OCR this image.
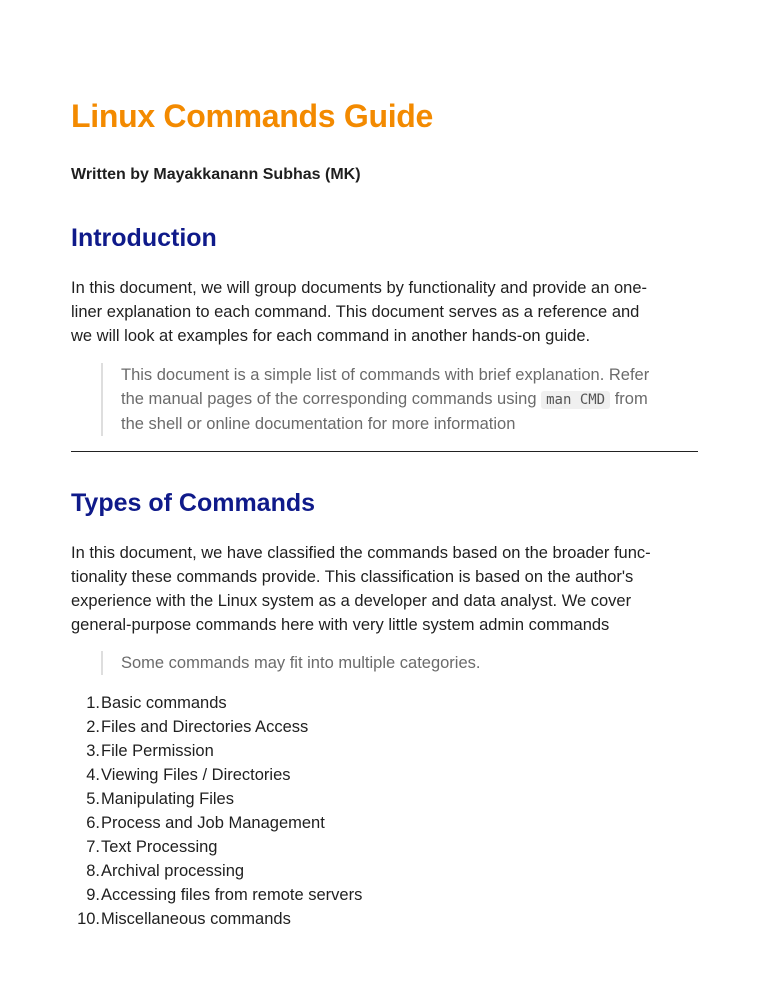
Linux Commands Guide

Written by Mayakkanann Subhas (MK)

Introduction

In this document, we will group documents by functionality and provide an one-
liner explanation to each command. This document serves as a reference and
we will look at examples for each command in another hands-on guide.

This document is a simple list of commands with brief explanation. Refer
the manual pages of the corresponding commands using man CMD from
the shell or online documentation for more information

Types of Commands

In this document, we have classified the commands based on the broader func-
tionality these commands provide. This classification is based on the author's
experience with the Linux system as a developer and data analyst. We cover
general-purpose commands here with very little system admin commands

Some commands may fit into multiple categories.

1. Basic commands
2. Files and Directories Access
3. File Permission
4. Viewing Files / Directories
5. Manipulating Files
6. Process and Job Management
7. Text Processing
8. Archival processing
9. Accessing files from remote servers
10. Miscellaneous commands
